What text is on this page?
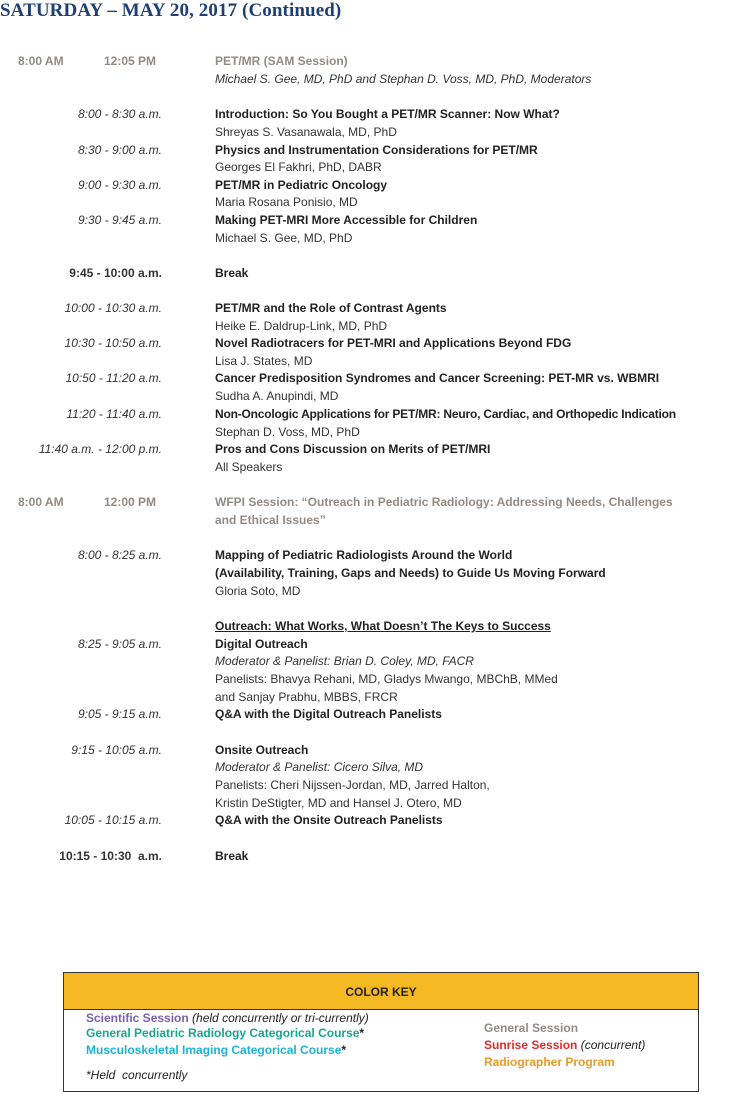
SATURDAY – MAY 20, 2017 (Continued)
8:00 AM	12:05 PM	PET/MR (SAM Session)
Michael S. Gee, MD, PhD and Stephan D. Voss, MD, PhD, Moderators
8:00 - 8:30 a.m.	Introduction: So You Bought a PET/MR Scanner: Now What?
Shreyas S. Vasanawala, MD, PhD
8:30 - 9:00 a.m.	Physics and Instrumentation Considerations for PET/MR
Georges El Fakhri, PhD, DABR
9:00 - 9:30 a.m.	PET/MR in Pediatric Oncology
Maria Rosana Ponisio, MD
9:30 - 9:45 a.m.	Making PET-MRI More Accessible for Children
Michael S. Gee, MD, PhD
9:45 - 10:00 a.m.	Break
10:00 - 10:30 a.m.	PET/MR and the Role of Contrast Agents
Heike E. Daldrup-Link, MD, PhD
10:30 - 10:50 a.m.	Novel Radiotracers for PET-MRI and Applications Beyond FDG
Lisa J. States, MD
10:50 - 11:20 a.m.	Cancer Predisposition Syndromes and Cancer Screening: PET-MR vs. WBMRI
Sudha A. Anupindi, MD
11:20 - 11:40 a.m.	Non-Oncologic Applications for PET/MR: Neuro, Cardiac, and Orthopedic Indication
Stephan D. Voss, MD, PhD
11:40 a.m. - 12:00 p.m.	Pros and Cons Discussion on Merits of PET/MRI
All Speakers
8:00 AM	12:00 PM	WFPI Session: “Outreach in Pediatric Radiology: Addressing Needs, Challenges
and Ethical Issues”
8:00 - 8:25 a.m.	Mapping of Pediatric Radiologists Around the World
(Availability, Training, Gaps and Needs) to Guide Us Moving Forward
Gloria Soto, MD
Outreach: What Works, What Doesn’t The Keys to Success
8:25 - 9:05 a.m.	Digital Outreach
Moderator & Panelist: Brian D. Coley, MD, FACR
Panelists: Bhavya Rehani, MD, Gladys Mwango, MBChB, MMed
and Sanjay Prabhu, MBBS, FRCR
9:05 - 9:15 a.m.	Q&A with the Digital Outreach Panelists
9:15 - 10:05 a.m.	Onsite Outreach
Moderator & Panelist: Cicero Silva, MD
Panelists: Cheri Nijssen-Jordan, MD, Jarred Halton,
Kristin DeStigter, MD and Hansel J. Otero, MD
10:05 - 10:15 a.m.	Q&A with the Onsite Outreach Panelists
10:15 - 10:30  a.m.	Break
COLOR KEY
Scientific Session (held concurrently or tri-currently)
General Pediatric Radiology Categorical Course*
Musculoskeletal Imaging Categorical Course*
*Held  concurrently
General Session
Sunrise Session (concurrent)
Radiographer Program
